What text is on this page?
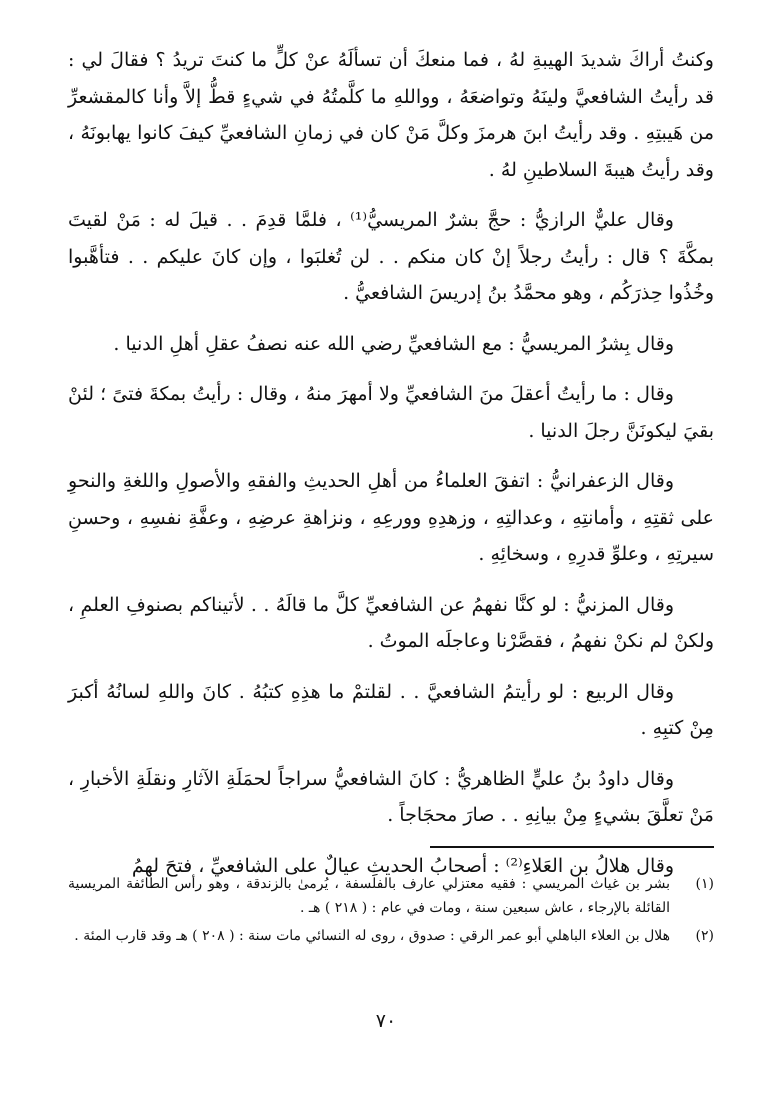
وكنتُ أراكَ شديدَ الهيبةِ لهُ ، فما منعكَ أن تسألَهُ عنْ كلٍّ ما كنتَ تريدُ ؟ فقالَ لي : قد رأيتُ الشافعيَّ ولينَهُ وتواضعَهُ ، وواللهِ ما كلَّمتُهُ في شيءٍ قطُّ إلاَّ وأنا كالمقشعرِّ من هَيبتِهِ . وقد رأيتُ ابنَ هرمزَ وكلَّ مَنْ كان في زمانِ الشافعيِّ كيفَ كانوا يهابونَهُ ، وقد رأيتُ هيبةَ السلاطينِ لهُ .

وقال عليٌّ الرازيُّ : حجَّ بشرٌ المريسيُّ⁽¹⁾ ، فلمَّا قدِمَ . . قيلَ له : مَنْ لقيتَ بمكَّةَ ؟ قال : رأيتُ رجلاً إنْ كان منكم . . لن تُغلبَوا ، وإن كانَ عليكم . . فتأهَّبوا وخُذُوا حِذرَكُم ، وهو محمَّدُ بنُ إدريسَ الشافعيُّ .

وقال بِشرُ المريسيُّ : مع الشافعيِّ رضي الله عنه نصفُ عقلِ أهلِ الدنيا .

وقال : ما رأيتُ أعقلَ منَ الشافعيِّ ولا أمهرَ منهُ ، وقال : رأيتُ بمكةَ فتىً ؛ لئنْ بقيَ ليكونَنَّ رجلَ الدنيا .

وقال الزعفرانيُّ : اتفقَ العلماءُ من أهلِ الحديثِ والفقهِ والأصولِ واللغةِ والنحوِ على ثقتِهِ ، وأمانتِهِ ، وعدالتِهِ ، وزهدِهِ وورعِهِ ، ونزاهةِ عرضِهِ ، وعفَّةِ نفسِهِ ، وحسنِ سيرتِهِ ، وعلوِّ قدرِهِ ، وسخائِهِ .

وقال المزنيُّ : لو كنَّا نفهمُ عن الشافعيِّ كلَّ ما قالَهُ . . لأتيناكم بصنوفِ العلمِ ، ولكنْ لم نكنْ نفهمُ ، فقصَّرْنا وعاجلَه الموتُ .

وقال الربيع : لو رأيتمُ الشافعيَّ . . لقلتمْ ما هذِهِ كتبُهُ . كانَ واللهِ لسانُهُ أكبرَ مِنْ كتبِهِ .

وقال داودُ بنُ عليٍّ الظاهريُّ : كانَ الشافعيُّ سراجاً لحمَلَةِ الآثارِ ونقلَةِ الأخبارِ ، مَنْ تعلَّقَ بشيءٍ مِنْ بيانِهِ . . صارَ محجَاجاً .

وقال هلالُ بن العَلاءِ⁽²⁾ : أصحابُ الحديثِ عيالٌ على الشافعيِّ ، فتحَ لهمُ

(١)
بشر بن غياث المريسي : فقيه معتزلي عارف بالفلسفة ، يُرمىٰ بالزندقة ، وهو رأس الطائفة المريسية القائلة بالإرجاء ، عاش سبعين سنة ، ومات في عام : ( ٢١٨ ) هـ .
(٢)
هلال بن العلاء الباهلي أبو عمر الرقي : صدوق ، روى له النسائي مات سنة : ( ٢٠٨ ) هـ وقد قارب المئة .
٧٠
